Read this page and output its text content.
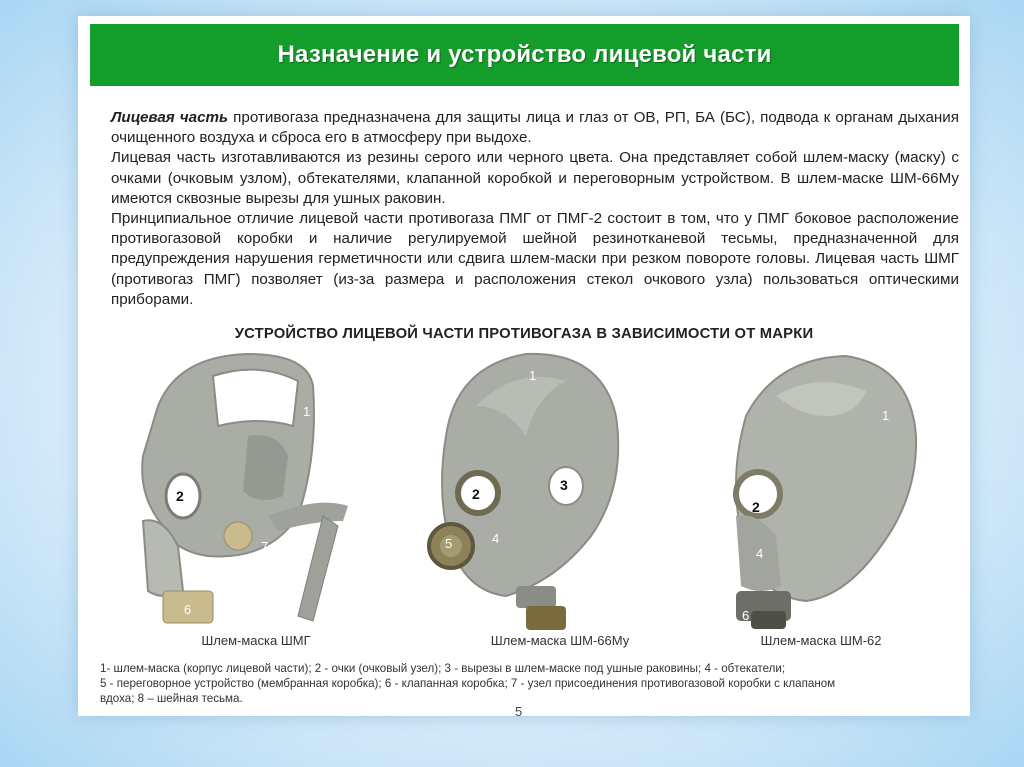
Назначение и устройство лицевой части

Лицевая часть противогаза предназначена для защиты лица и глаз от ОВ, РП, БА (БС), подвода к органам дыхания очищенного воздуха и сброса его в атмосферу при выдохе.

Лицевая часть изготавливаются из резины серого или черного цвета. Она представляет собой шлем-маску (маску) с очками (очковым узлом), обтекателями, клапанной коробкой и переговорным устройством. В шлем-маске ШМ-66Му имеются сквозные вырезы для ушных раковин.

Принципиальное отличие лицевой части противогаза ПМГ от ПМГ-2 состоит в том, что у ПМГ боковое расположение противогазовой коробки и наличие регулируемой шейной резинотканевой тесьмы, предназначенной для предупреждения нарушения герметичности или сдвига шлем-маски при резком повороте головы. Лицевая часть ШМГ (противогаз ПМГ) позволяет (из-за размера и расположения стекол очкового узла) пользоваться оптическими приборами.

УСТРОЙСТВО ЛИЦЕВОЙ ЧАСТИ ПРОТИВОГАЗА В ЗАВИСИМОСТИ ОТ МАРКИ
1
2
5
6
7
8
Шлем-маска ШМГ
1
2
3
4
5
6
Шлем-маска ШМ-66Му
1
2
4
6
Шлем-маска ШМ-62
1- шлем-маска (корпус лицевой части); 2 - очки (очковый узел); 3 - вырезы в шлем-маске под ушные раковины; 4 - обтекатели;
5 - переговорное устройство (мембранная коробка); 6 - клапанная коробка; 7 - узел присоединения противогазовой коробки с клапаном
вдоха; 8 – шейная тесьма.
5
